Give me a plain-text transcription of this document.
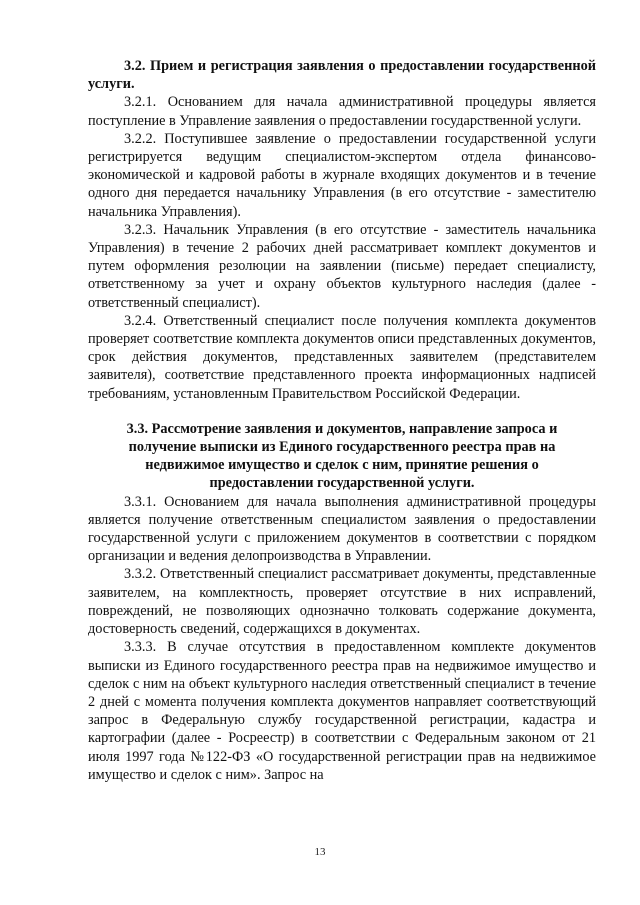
3.2. Прием и регистрация заявления о предоставлении государственной услуги.

3.2.1. Основанием для начала административной процедуры является поступление в Управление заявления о предоставлении государственной услуги.

3.2.2. Поступившее заявление о предоставлении государственной услуги регистрируется ведущим специалистом-экспертом отдела финансово-экономической и кадровой работы в журнале входящих документов и в течение одного дня передается начальнику Управления (в его отсутствие - заместителю начальника Управления).

3.2.3. Начальник Управления (в его отсутствие - заместитель начальника Управления) в течение 2 рабочих дней рассматривает комплект документов и путем оформления резолюции на заявлении (письме) передает специалисту, ответственному за учет и охрану объектов культурного наследия (далее - ответственный специалист).

3.2.4. Ответственный специалист после получения комплекта документов проверяет соответствие комплекта документов описи представленных документов, срок действия документов, представленных заявителем (представителем заявителя), соответствие представленного проекта информационных надписей требованиям, установленным Правительством Российской Федерации.

3.3. Рассмотрение заявления и документов, направление запроса и получение выписки из Единого государственного реестра прав на недвижимое имущество и сделок с ним, принятие решения о предоставлении государственной услуги.

3.3.1. Основанием для начала выполнения административной процедуры является получение ответственным специалистом заявления о предоставлении государственной услуги с приложением документов в соответствии с порядком организации и ведения делопроизводства в Управлении.

3.3.2. Ответственный специалист рассматривает документы, представленные заявителем, на комплектность, проверяет отсутствие в них исправлений, повреждений, не позволяющих однозначно толковать содержание документа, достоверность сведений, содержащихся в документах.

3.3.3. В случае отсутствия в предоставленном комплекте документов выписки из Единого государственного реестра прав на недвижимое имущество и сделок с ним на объект культурного наследия ответственный специалист в течение 2 дней с момента получения комплекта документов направляет соответствующий запрос в Федеральную службу государственной регистрации, кадастра и картографии (далее - Росреестр) в соответствии с Федеральным законом от 21 июля 1997 года №122-ФЗ «О государственной регистрации прав на недвижимое имущество и сделок с ним». Запрос на

13
